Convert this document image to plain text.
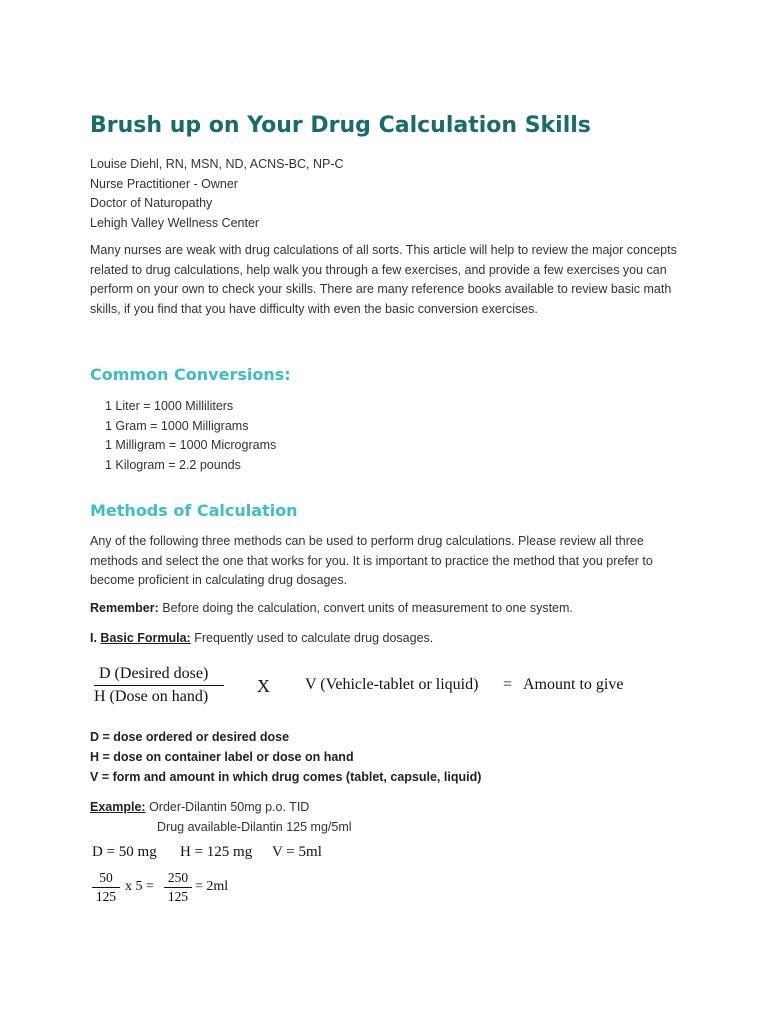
Brush up on Your Drug Calculation Skills
Louise Diehl, RN, MSN, ND, ACNS-BC, NP-C
Nurse Practitioner - Owner
Doctor of Naturopathy
Lehigh Valley Wellness Center

Many nurses are weak with drug calculations of all sorts. This article will help to review the major concepts related to drug calculations, help walk you through a few exercises, and provide a few exercises you can perform on your own to check your skills. There are many reference books available to review basic math skills, if you find that you have difficulty with even the basic conversion exercises.

Common Conversions:
1 Liter = 1000 Milliliters
1 Gram = 1000 Milligrams
1 Milligram = 1000 Micrograms
1 Kilogram = 2.2 pounds
Methods of Calculation

Any of the following three methods can be used to perform drug calculations. Please review all three methods and select the one that works for you. It is important to practice the method that you prefer to become proficient in calculating drug dosages.

Remember: Before doing the calculation, convert units of measurement to one system.
I. Basic Formula: Frequently used to calculate drug dosages.
D (Desired dose)
H (Dose on hand)
X V (Vehicle-tablet or liquid) = Amount to give
D = dose ordered or desired dose
H = dose on container label or dose on hand
V = form and amount in which drug comes (tablet, capsule, liquid)
Example: Order-Dilantin 50mg p.o. TID
Drug available-Dilantin 125 mg/5ml
D = 50 mg H = 125 mg V = 5ml
50
125
x 5 =
250
125
= 2ml
